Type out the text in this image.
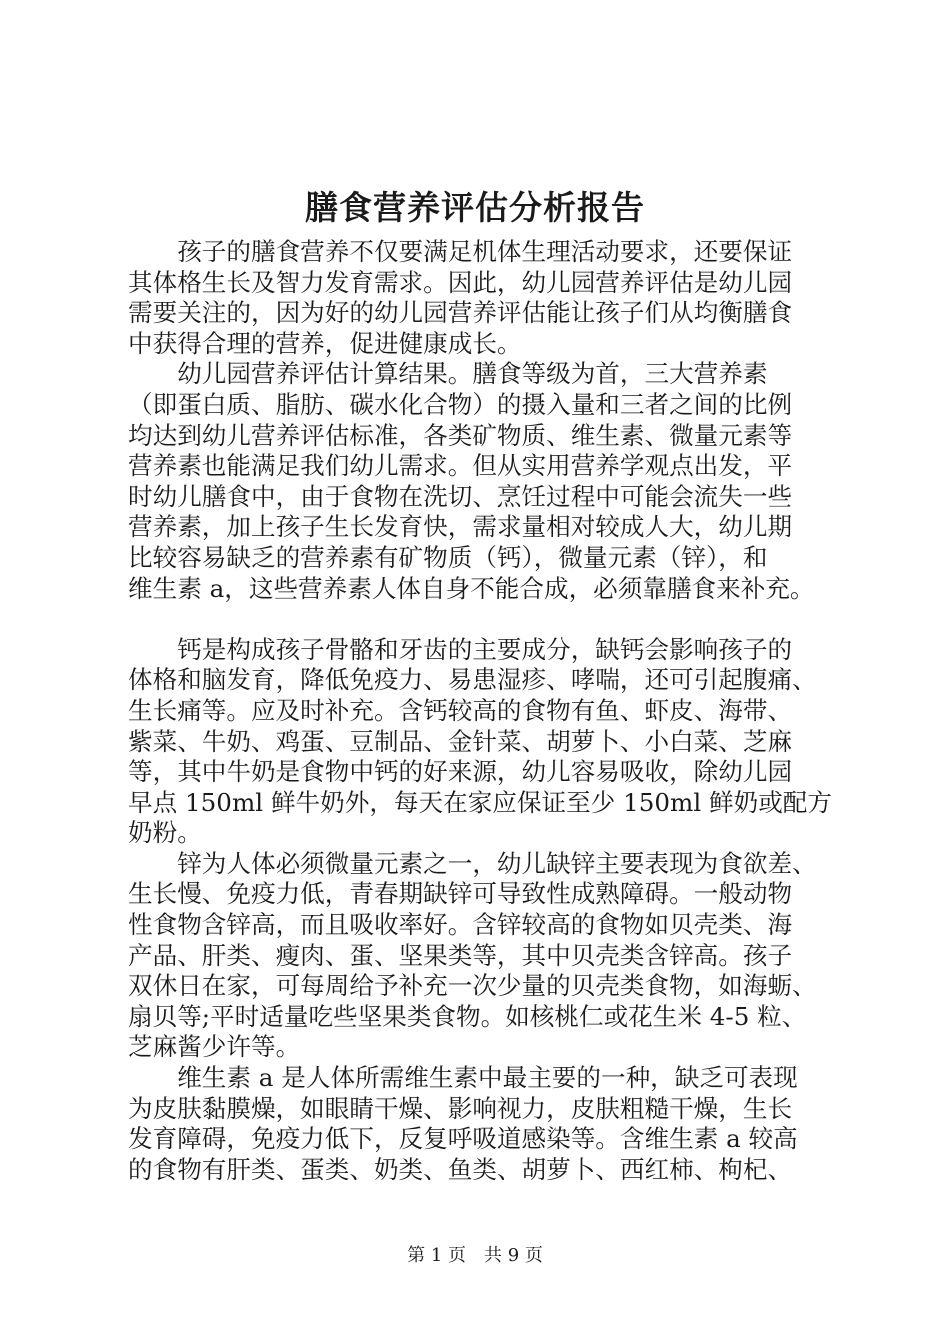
膳食营养评估分析报告

　　孩子的膳食营养不仅要满足机体生理活动要求，还要保证
其体格生长及智力发育需求。因此，幼儿园营养评估是幼儿园
需要关注的，因为好的幼儿园营养评估能让孩子们从均衡膳食
中获得合理的营养，促进健康成长。

　　幼儿园营养评估计算结果。膳食等级为首，三大营养素
（即蛋白质、脂肪、碳水化合物）的摄入量和三者之间的比例
均达到幼儿营养评估标准，各类矿物质、维生素、微量元素等
营养素也能满足我们幼儿需求。但从实用营养学观点出发，平
时幼儿膳食中，由于食物在洗切、烹饪过程中可能会流失一些
营养素，加上孩子生长发育快，需求量相对较成人大，幼儿期
比较容易缺乏的营养素有矿物质（钙），微量元素（锌），和
维生素 a，这些营养素人体自身不能合成，必须靠膳食来补充。

　　钙是构成孩子骨骼和牙齿的主要成分，缺钙会影响孩子的
体格和脑发育，降低免疫力、易患湿疹、哮喘，还可引起腹痛、
生长痛等。应及时补充。含钙较高的食物有鱼、虾皮、海带、
紫菜、牛奶、鸡蛋、豆制品、金针菜、胡萝卜、小白菜、芝麻
等，其中牛奶是食物中钙的好来源，幼儿容易吸收，除幼儿园
早点 150ml 鲜牛奶外，每天在家应保证至少 150ml 鲜奶或配方
奶粉。

　　锌为人体必须微量元素之一，幼儿缺锌主要表现为食欲差、
生长慢、免疫力低，青春期缺锌可导致性成熟障碍。一般动物
性食物含锌高，而且吸收率好。含锌较高的食物如贝壳类、海
产品、肝类、瘦肉、蛋、坚果类等，其中贝壳类含锌高。孩子
双休日在家，可每周给予补充一次少量的贝壳类食物，如海蛎、
扇贝等;平时适量吃些坚果类食物。如核桃仁或花生米 4-5 粒、
芝麻酱少许等。

　　维生素 a 是人体所需维生素中最主要的一种，缺乏可表现
为皮肤黏膜燥，如眼睛干燥、影响视力，皮肤粗糙干燥，生长
发育障碍，免疫力低下，反复呼吸道感染等。含维生素 a 较高
的食物有肝类、蛋类、奶类、鱼类、胡萝卜、西红柿、枸杞、

第 1 页　共 9 页
